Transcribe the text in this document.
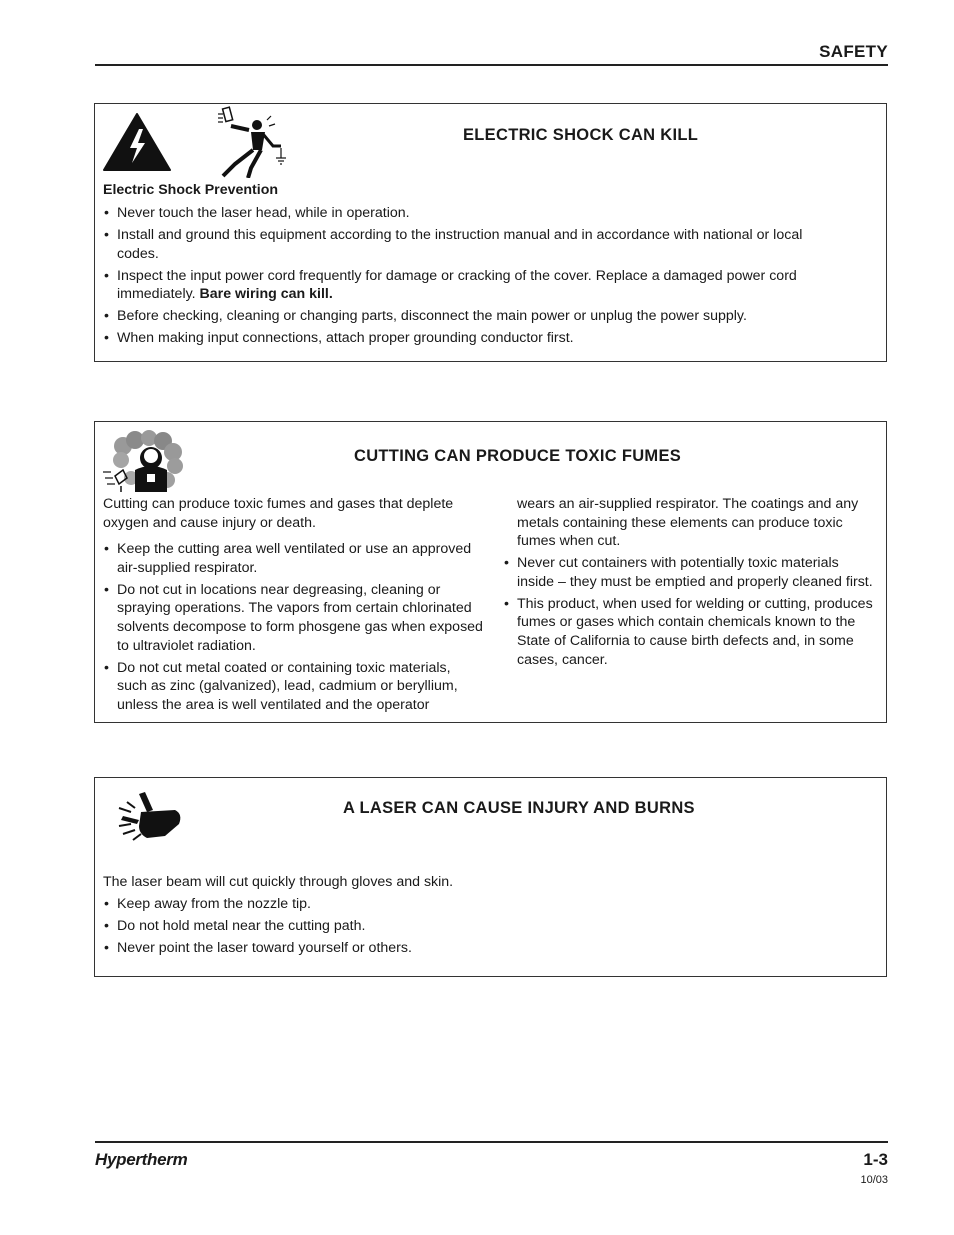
SAFETY
ELECTRIC SHOCK CAN KILL
Electric Shock Prevention
• Never touch the laser head, while in operation.
• Install and ground this equipment according to the instruction manual and in accordance with national or local codes.
• Inspect the input power cord frequently for damage or cracking of the cover. Replace a damaged power cord immediately. Bare wiring can kill.
• Before checking, cleaning or changing parts, disconnect the main power or unplug the power supply.
• When making input connections, attach proper grounding conductor first.
CUTTING CAN PRODUCE TOXIC FUMES

Cutting can produce toxic fumes and gases that deplete oxygen and cause injury or death.

• Keep the cutting area well ventilated or use an approved air-supplied respirator.
• Do not cut in locations near degreasing, cleaning or spraying operations. The vapors from certain chlorinated solvents decompose to form phosgene gas when exposed to ultraviolet radiation.
• Do not cut metal coated or containing toxic materials, such as zinc (galvanized), lead, cadmium or beryllium, unless the area is well ventilated and the operator

wears an air-supplied respirator. The coatings and any metals containing these elements can produce toxic fumes when cut.

• Never cut containers with potentially toxic materials inside – they must be emptied and properly cleaned first.
• This product, when used for welding or cutting, produces fumes or gases which contain chemicals known to the State of California to cause birth defects and, in some cases, cancer.
A LASER CAN CAUSE INJURY AND BURNS

The laser beam will cut quickly through gloves and skin.

• Keep away from the nozzle tip.
• Do not hold metal near the cutting path.
• Never point the laser toward yourself or others.
Hypertherm	1-3
10/03
